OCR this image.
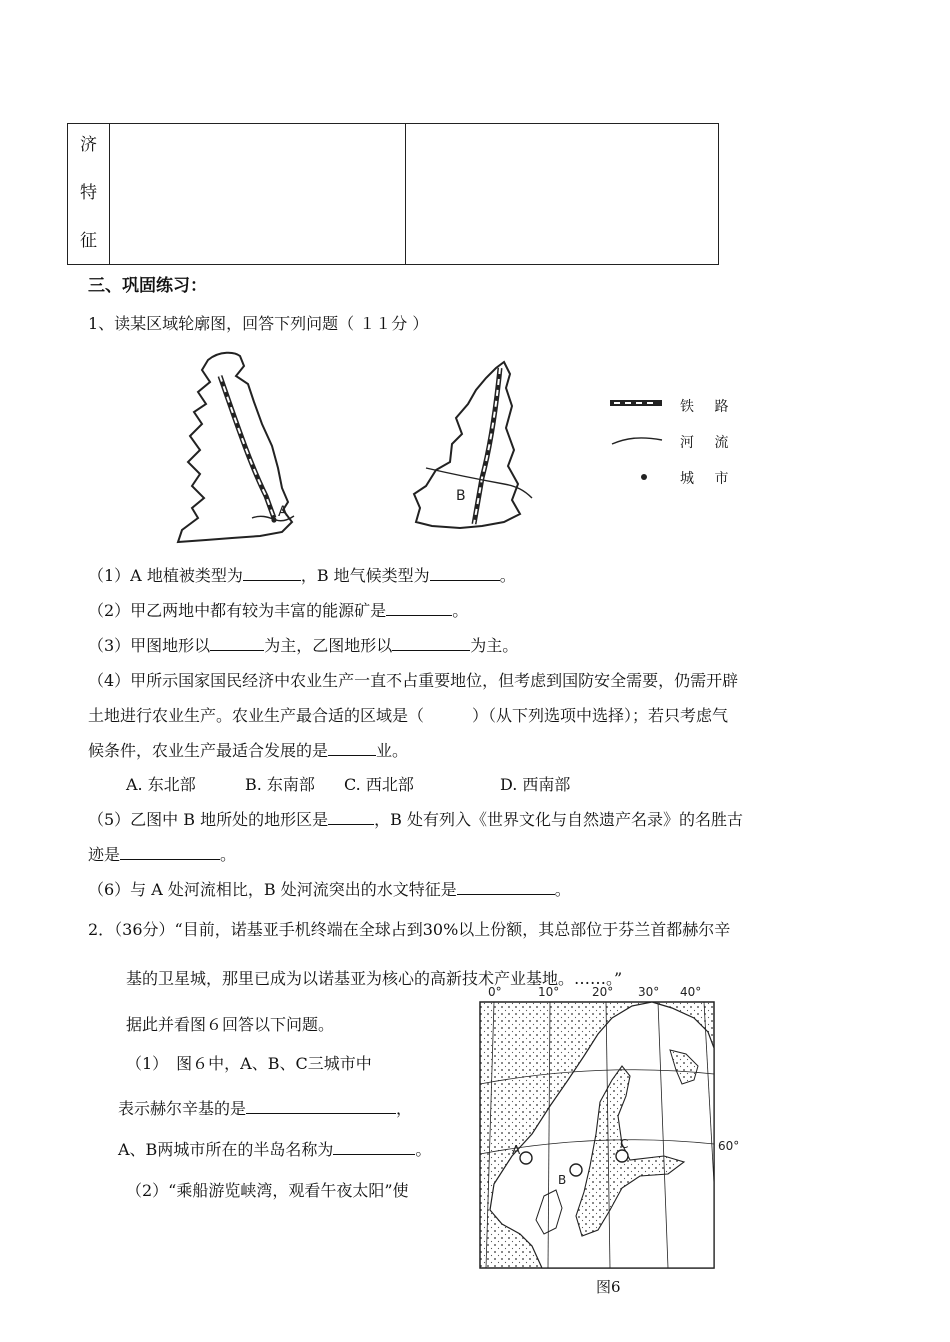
济
特
征
三、巩固练习：
1、读某区域轮廓图，回答下列问题（ １１分 ）
A
B
铁 路
河 流
城 市
（1）A 地植被类型为	，B 地气候类型为	。
（2）甲乙两地中都有较为丰富的能源矿是	。
（3）甲图地形以	为主，乙图地形以	为主。
（4）甲所示国家国民经济中农业生产一直不占重要地位，但考虑到国防安全需要，仍需开辟
土地进行农业生产。农业生产最合适的区域是（　　　）（从下列选项中选择）；若只考虑气
候条件，农业生产最适合发展的是	业。
A. 东北部	B. 东南部 C. 西北部	D. 西南部
（5）乙图中 B 地所处的地形区是	，B 处有列入《世界文化与自然遗产名录》的名胜古
迹是	。
（6）与 A 处河流相比，B 处河流突出的水文特征是	。
2．（36分）“目前，诺基亚手机终端在全球占到30%以上份额，其总部位于芬兰首都赫尔辛
基的卫星城，那里已成为以诺基亚为核心的高新技术产业基地。……。”
据此并看图６回答以下问题。
（1）　图６中，A、B、C三城市中
表示赫尔辛基的是	，
A、B两城市所在的半岛名称为	。
（2）“乘船游览峡湾，观看午夜太阳”使
A
B
C
0°	10°	20° 30° 40°
60°
图6
